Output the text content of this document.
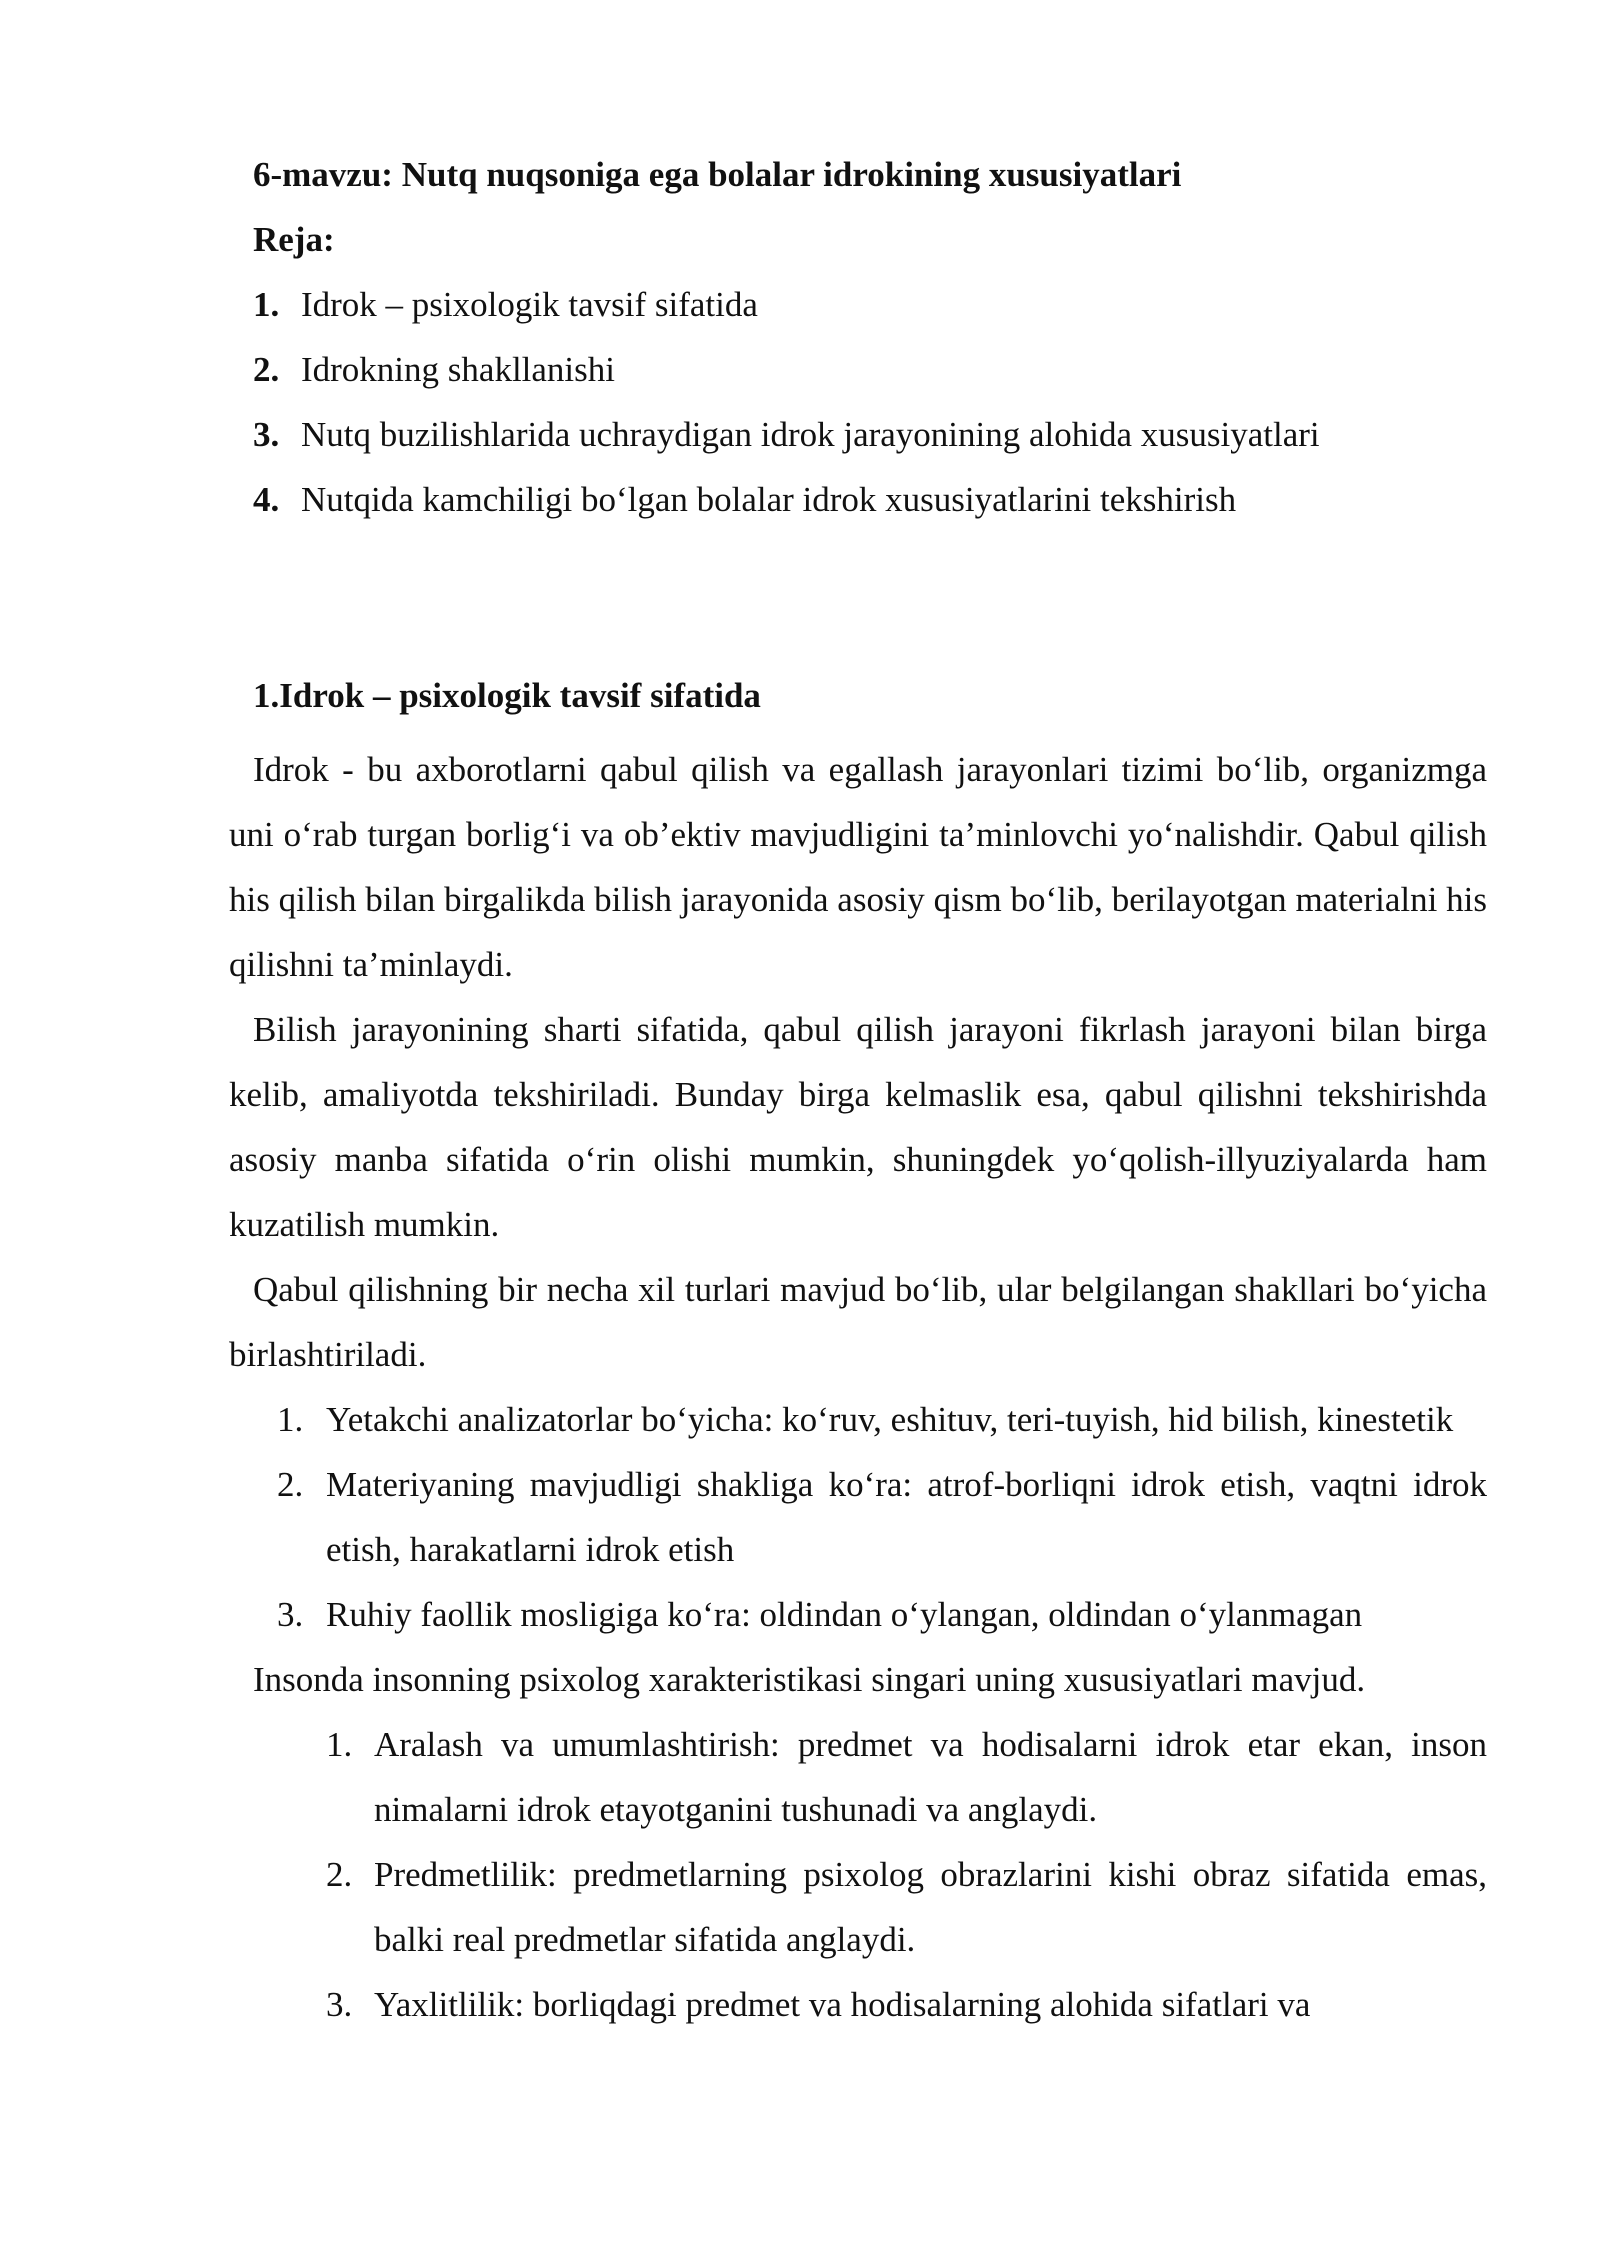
6-mavzu: Nutq nuqsoniga ega bolalar idrokining xususiyatlari
Reja:
1. Idrok – psixologik tavsif sifatida
2. Idrokning shakllanishi
3. Nutq buzilishlarida uchraydigan idrok jarayonining alohida xususiyatlari
4. Nutqida kamchiligi bo‘lgan bolalar idrok xususiyatlarini tekshirish
1.Idrok – psixologik tavsif sifatida

Idrok - bu axborotlarni qabul qilish va egallash jarayonlari tizimi bo‘lib, organizmga uni o‘rab turgan borlig‘i va ob’ektiv mavjudligini ta’minlovchi yo‘nalishdir. Qabul qilish his qilish bilan birgalikda bilish jarayonida asosiy qism bo‘lib, berilayotgan materialni his qilishni ta’minlaydi.

Bilish jarayonining sharti sifatida, qabul qilish jarayoni fikrlash jarayoni bilan birga kelib, amaliyotda tekshiriladi. Bunday birga kelmaslik esa, qabul qilishni tekshirishda asosiy manba sifatida o‘rin olishi mumkin, shuningdek yo‘qolish-illyuziyalarda ham kuzatilish mumkin.

Qabul qilishning bir necha xil turlari mavjud bo‘lib, ular belgilangan shakllari bo‘yicha birlashtiriladi.

1. Yetakchi analizatorlar bo‘yicha: ko‘ruv, eshituv, teri-tuyish, hid bilish, kinestetik
2. Materiyaning mavjudligi shakliga ko‘ra: atrof-borliqni idrok etish, vaqtni idrok etish, harakatlarni idrok etish
3. Ruhiy faollik mosligiga ko‘ra: oldindan o‘ylangan, oldindan o‘ylanmagan

Insonda insonning psixolog xarakteristikasi singari uning xususiyatlari mavjud.

1. Aralash va umumlashtirish: predmet va hodisalarni idrok etar ekan, inson nimalarni idrok etayotganini tushunadi va anglaydi.
2. Predmetlilik: predmetlarning psixolog obrazlarini kishi obraz sifatida emas, balki real predmetlar sifatida anglaydi.
3. Yaxlitlilik: borliqdagi predmet va hodisalarning alohida sifatlari va
